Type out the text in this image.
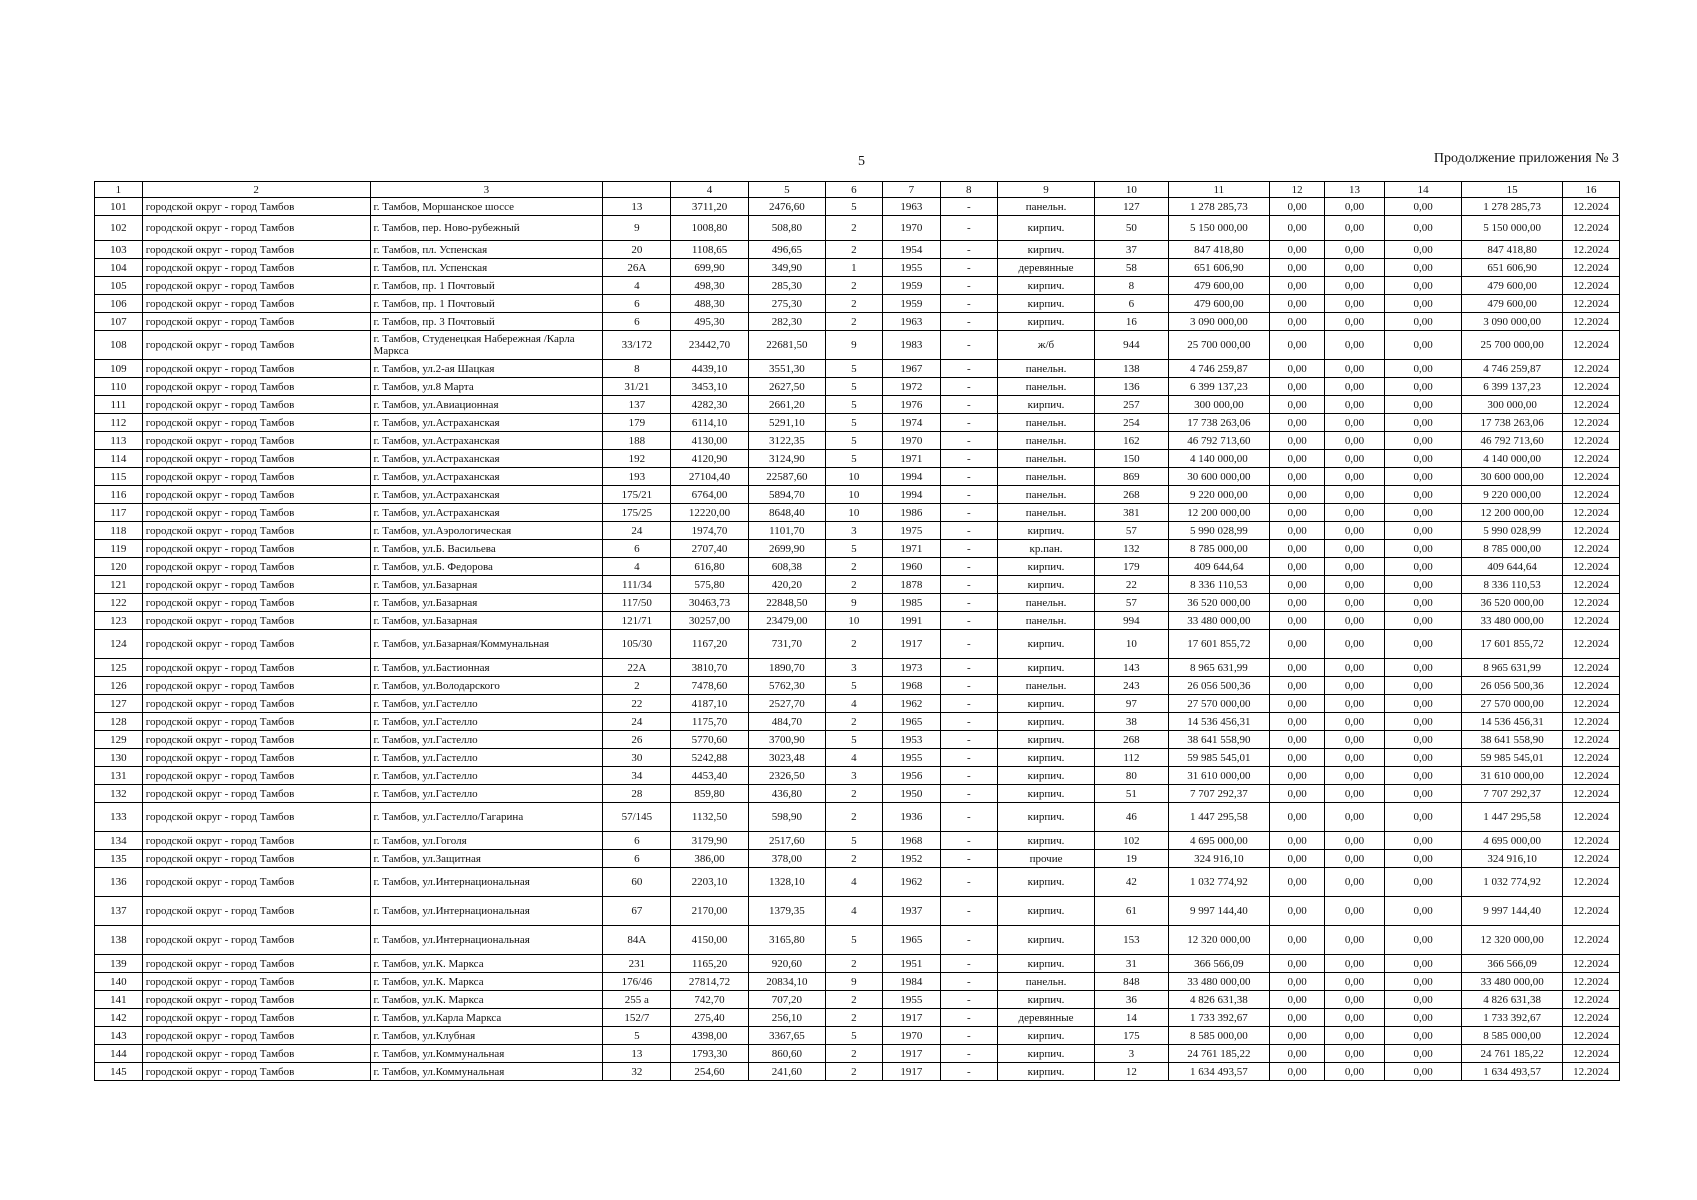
5	Продолжение приложения № 3
1	2	3		4	5	6	7	8	9	10	11	12	13	14	15	16
101	городской округ - город Тамбов	г. Тамбов, Моршанское шоссе	13	3711,20	2476,60	5	1963	-	панельн.	127	1 278 285,73	0,00	0,00	0,00	1 278 285,73	12.2024
102	городской округ - город Тамбов	г. Тамбов, пер. Ново-рубежный	9	1008,80	508,80	2	1970	-	кирпич.	50	5 150 000,00	0,00	0,00	0,00	5 150 000,00	12.2024
103	городской округ - город Тамбов	г. Тамбов, пл. Успенская	20	1108,65	496,65	2	1954	-	кирпич.	37	847 418,80	0,00	0,00	0,00	847 418,80	12.2024
104	городской округ - город Тамбов	г. Тамбов, пл. Успенская	26А	699,90	349,90	1	1955	-	деревянные	58	651 606,90	0,00	0,00	0,00	651 606,90	12.2024
105	городской округ - город Тамбов	г. Тамбов, пр. 1 Почтовый	4	498,30	285,30	2	1959	-	кирпич.	8	479 600,00	0,00	0,00	0,00	479 600,00	12.2024
106	городской округ - город Тамбов	г. Тамбов, пр. 1 Почтовый	6	488,30	275,30	2	1959	-	кирпич.	6	479 600,00	0,00	0,00	0,00	479 600,00	12.2024
107	городской округ - город Тамбов	г. Тамбов, пр. 3 Почтовый	6	495,30	282,30	2	1963	-	кирпич.	16	3 090 000,00	0,00	0,00	0,00	3 090 000,00	12.2024
108	городской округ - город Тамбов	г. Тамбов, Студенецкая Набережная /Карла Маркса	33/172	23442,70	22681,50	9	1983	-	ж/б	944	25 700 000,00	0,00	0,00	0,00	25 700 000,00	12.2024
109	городской округ - город Тамбов	г. Тамбов, ул.2-ая Шацкая	8	4439,10	3551,30	5	1967	-	панельн.	138	4 746 259,87	0,00	0,00	0,00	4 746 259,87	12.2024
110	городской округ - город Тамбов	г. Тамбов, ул.8 Марта	31/21	3453,10	2627,50	5	1972	-	панельн.	136	6 399 137,23	0,00	0,00	0,00	6 399 137,23	12.2024
111	городской округ - город Тамбов	г. Тамбов, ул.Авиационная	137	4282,30	2661,20	5	1976	-	кирпич.	257	300 000,00	0,00	0,00	0,00	300 000,00	12.2024
112	городской округ - город Тамбов	г. Тамбов, ул.Астраханская	179	6114,10	5291,10	5	1974	-	панельн.	254	17 738 263,06	0,00	0,00	0,00	17 738 263,06	12.2024
113	городской округ - город Тамбов	г. Тамбов, ул.Астраханская	188	4130,00	3122,35	5	1970	-	панельн.	162	46 792 713,60	0,00	0,00	0,00	46 792 713,60	12.2024
114	городской округ - город Тамбов	г. Тамбов, ул.Астраханская	192	4120,90	3124,90	5	1971	-	панельн.	150	4 140 000,00	0,00	0,00	0,00	4 140 000,00	12.2024
115	городской округ - город Тамбов	г. Тамбов, ул.Астраханская	193	27104,40	22587,60	10	1994	-	панельн.	869	30 600 000,00	0,00	0,00	0,00	30 600 000,00	12.2024
116	городской округ - город Тамбов	г. Тамбов, ул.Астраханская	175/21	6764,00	5894,70	10	1994	-	панельн.	268	9 220 000,00	0,00	0,00	0,00	9 220 000,00	12.2024
117	городской округ - город Тамбов	г. Тамбов, ул.Астраханская	175/25	12220,00	8648,40	10	1986	-	панельн.	381	12 200 000,00	0,00	0,00	0,00	12 200 000,00	12.2024
118	городской округ - город Тамбов	г. Тамбов, ул.Аэрологическая	24	1974,70	1101,70	3	1975	-	кирпич.	57	5 990 028,99	0,00	0,00	0,00	5 990 028,99	12.2024
119	городской округ - город Тамбов	г. Тамбов, ул.Б. Васильева	6	2707,40	2699,90	5	1971	-	кр.пан.	132	8 785 000,00	0,00	0,00	0,00	8 785 000,00	12.2024
120	городской округ - город Тамбов	г. Тамбов, ул.Б. Федорова	4	616,80	608,38	2	1960	-	кирпич.	179	409 644,64	0,00	0,00	0,00	409 644,64	12.2024
121	городской округ - город Тамбов	г. Тамбов, ул.Базарная	111/34	575,80	420,20	2	1878	-	кирпич.	22	8 336 110,53	0,00	0,00	0,00	8 336 110,53	12.2024
122	городской округ - город Тамбов	г. Тамбов, ул.Базарная	117/50	30463,73	22848,50	9	1985	-	панельн.	57	36 520 000,00	0,00	0,00	0,00	36 520 000,00	12.2024
123	городской округ - город Тамбов	г. Тамбов, ул.Базарная	121/71	30257,00	23479,00	10	1991	-	панельн.	994	33 480 000,00	0,00	0,00	0,00	33 480 000,00	12.2024
124	городской округ - город Тамбов	г. Тамбов, ул.Базарная/Коммунальная	105/30	1167,20	731,70	2	1917	-	кирпич.	10	17 601 855,72	0,00	0,00	0,00	17 601 855,72	12.2024
125	городской округ - город Тамбов	г. Тамбов, ул.Бастионная	22А	3810,70	1890,70	3	1973	-	кирпич.	143	8 965 631,99	0,00	0,00	0,00	8 965 631,99	12.2024
126	городской округ - город Тамбов	г. Тамбов, ул.Володарского	2	7478,60	5762,30	5	1968	-	панельн.	243	26 056 500,36	0,00	0,00	0,00	26 056 500,36	12.2024
127	городской округ - город Тамбов	г. Тамбов, ул.Гастелло	22	4187,10	2527,70	4	1962	-	кирпич.	97	27 570 000,00	0,00	0,00	0,00	27 570 000,00	12.2024
128	городской округ - город Тамбов	г. Тамбов, ул.Гастелло	24	1175,70	484,70	2	1965	-	кирпич.	38	14 536 456,31	0,00	0,00	0,00	14 536 456,31	12.2024
129	городской округ - город Тамбов	г. Тамбов, ул.Гастелло	26	5770,60	3700,90	5	1953	-	кирпич.	268	38 641 558,90	0,00	0,00	0,00	38 641 558,90	12.2024
130	городской округ - город Тамбов	г. Тамбов, ул.Гастелло	30	5242,88	3023,48	4	1955	-	кирпич.	112	59 985 545,01	0,00	0,00	0,00	59 985 545,01	12.2024
131	городской округ - город Тамбов	г. Тамбов, ул.Гастелло	34	4453,40	2326,50	3	1956	-	кирпич.	80	31 610 000,00	0,00	0,00	0,00	31 610 000,00	12.2024
132	городской округ - город Тамбов	г. Тамбов, ул.Гастелло	28	859,80	436,80	2	1950	-	кирпич.	51	7 707 292,37	0,00	0,00	0,00	7 707 292,37	12.2024
133	городской округ - город Тамбов	г. Тамбов, ул.Гастелло/Гагарина	57/145	1132,50	598,90	2	1936	-	кирпич.	46	1 447 295,58	0,00	0,00	0,00	1 447 295,58	12.2024
134	городской округ - город Тамбов	г. Тамбов, ул.Гоголя	6	3179,90	2517,60	5	1968	-	кирпич.	102	4 695 000,00	0,00	0,00	0,00	4 695 000,00	12.2024
135	городской округ - город Тамбов	г. Тамбов, ул.Защитная	6	386,00	378,00	2	1952	-	прочие	19	324 916,10	0,00	0,00	0,00	324 916,10	12.2024
136	городской округ - город Тамбов	г. Тамбов, ул.Интернациональная	60	2203,10	1328,10	4	1962	-	кирпич.	42	1 032 774,92	0,00	0,00	0,00	1 032 774,92	12.2024
137	городской округ - город Тамбов	г. Тамбов, ул.Интернациональная	67	2170,00	1379,35	4	1937	-	кирпич.	61	9 997 144,40	0,00	0,00	0,00	9 997 144,40	12.2024
138	городской округ - город Тамбов	г. Тамбов, ул.Интернациональная	84А	4150,00	3165,80	5	1965	-	кирпич.	153	12 320 000,00	0,00	0,00	0,00	12 320 000,00	12.2024
139	городской округ - город Тамбов	г. Тамбов, ул.К. Маркса	231	1165,20	920,60	2	1951	-	кирпич.	31	366 566,09	0,00	0,00	0,00	366 566,09	12.2024
140	городской округ - город Тамбов	г. Тамбов, ул.К. Маркса	176/46	27814,72	20834,10	9	1984	-	панельн.	848	33 480 000,00	0,00	0,00	0,00	33 480 000,00	12.2024
141	городской округ - город Тамбов	г. Тамбов, ул.К. Маркса	255 а	742,70	707,20	2	1955	-	кирпич.	36	4 826 631,38	0,00	0,00	0,00	4 826 631,38	12.2024
142	городской округ - город Тамбов	г. Тамбов, ул.Карла Маркса	152/7	275,40	256,10	2	1917	-	деревянные	14	1 733 392,67	0,00	0,00	0,00	1 733 392,67	12.2024
143	городской округ - город Тамбов	г. Тамбов, ул.Клубная	5	4398,00	3367,65	5	1970	-	кирпич.	175	8 585 000,00	0,00	0,00	0,00	8 585 000,00	12.2024
144	городской округ - город Тамбов	г. Тамбов, ул.Коммунальная	13	1793,30	860,60	2	1917	-	кирпич.	3	24 761 185,22	0,00	0,00	0,00	24 761 185,22	12.2024
145	городской округ - город Тамбов	г. Тамбов, ул.Коммунальная	32	254,60	241,60	2	1917	-	кирпич.	12	1 634 493,57	0,00	0,00	0,00	1 634 493,57	12.2024
